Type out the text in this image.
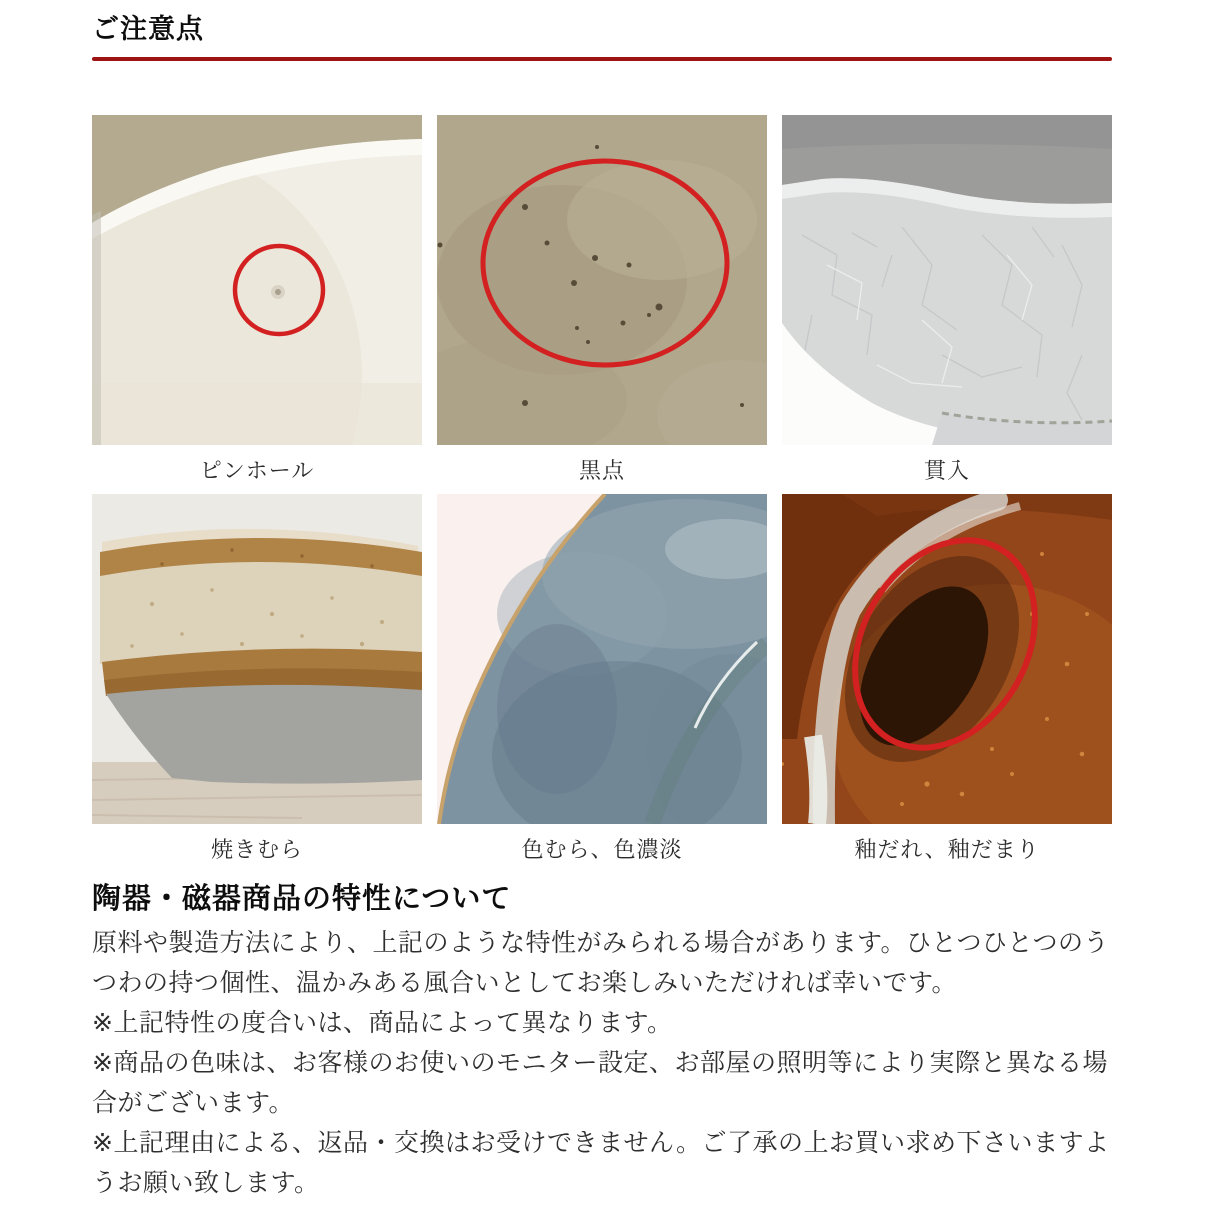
ご注意点
ピンホール	黒点	貫入
焼きむら	色むら、色濃淡	釉だれ、釉だまり
陶器・磁器商品の特性について

原料や製造方法により、上記のような特性がみられる場合があります。ひとつひとつのうつわの持つ個性、温かみある風合いとしてお楽しみいただければ幸いです。

※上記特性の度合いは、商品によって異なります。

※商品の色味は、お客様のお使いのモニター設定、お部屋の照明等により実際と異なる場合がございます。

※上記理由による、返品・交換はお受けできません。ご了承の上お買い求め下さいますようお願い致します。
